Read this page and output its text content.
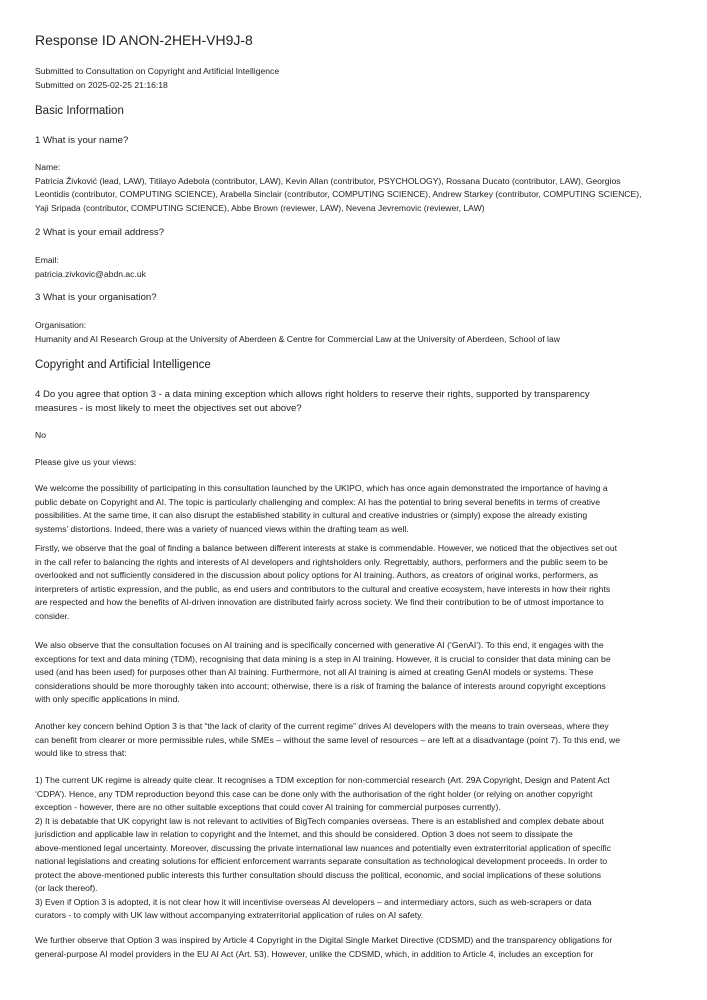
Response ID ANON-2HEH-VH9J-8
Submitted to Consultation on Copyright and Artificial Intelligence
Submitted on 2025-02-25 21:16:18
Basic Information
1 What is your name?
Name:
Patricia Živković (lead, LAW), Titilayo Adebola (contributor, LAW), Kevin Allan (contributor, PSYCHOLOGY), Rossana Ducato (contributor, LAW), Georgios
Leontidis (contributor, COMPUTING SCIENCE), Arabella Sinclair (contributor, COMPUTING SCIENCE), Andrew Starkey (contributor, COMPUTING SCIENCE),
Yaji Sripada (contributor, COMPUTING SCIENCE), Abbe Brown (reviewer, LAW), Nevena Jevremovic (reviewer, LAW)
2 What is your email address?
Email:
patricia.zivkovic@abdn.ac.uk
3 What is your organisation?
Organisation:
Humanity and AI Research Group at the University of Aberdeen & Centre for Commercial Law at the University of Aberdeen, School of law
Copyright and Artificial Intelligence
4 Do you agree that option 3 - a data mining exception which allows right holders to reserve their rights, supported by transparency
measures - is most likely to meet the objectives set out above?
No
Please give us your views:
We welcome the possibility of participating in this consultation launched by the UKIPO, which has once again demonstrated the importance of having a
public debate on Copyright and AI. The topic is particularly challenging and complex: AI has the potential to bring several benefits in terms of creative
possibilities. At the same time, it can also disrupt the established stability in cultural and creative industries or (simply) expose the already existing
systems’ distortions. Indeed, there was a variety of nuanced views within the drafting team as well.
Firstly, we observe that the goal of finding a balance between different interests at stake is commendable. However, we noticed that the objectives set out
in the call refer to balancing the rights and interests of AI developers and rightsholders only. Regrettably, authors, performers and the public seem to be
overlooked and not sufficiently considered in the discussion about policy options for AI training. Authors, as creators of original works, performers, as
interpreters of artistic expression, and the public, as end users and contributors to the cultural and creative ecosystem, have interests in how their rights
are respected and how the benefits of AI-driven innovation are distributed fairly across society. We find their contribution to be of utmost importance to
consider.
We also observe that the consultation focuses on AI training and is specifically concerned with generative AI (‘GenAI’). To this end, it engages with the
exceptions for text and data mining (TDM), recognising that data mining is a step in AI training. However, it is crucial to consider that data mining can be
used (and has been used) for purposes other than AI training. Furthermore, not all AI training is aimed at creating GenAI models or systems. These
considerations should be more thoroughly taken into account; otherwise, there is a risk of framing the balance of interests around copyright exceptions
with only specific applications in mind.
Another key concern behind Option 3 is that “the lack of clarity of the current regime” drives AI developers with the means to train overseas, where they
can benefit from clearer or more permissible rules, while SMEs – without the same level of resources – are left at a disadvantage (point 7). To this end, we
would like to stress that:
1) The current UK regime is already quite clear. It recognises a TDM exception for non-commercial research (Art. 29A Copyright, Design and Patent Act
‘CDPA’). Hence, any TDM reproduction beyond this case can be done only with the authorisation of the right holder (or relying on another copyright
exception - however, there are no other suitable exceptions that could cover AI training for commercial purposes currently).
2) It is debatable that UK copyright law is not relevant to activities of BigTech companies overseas. There is an established and complex debate about
jurisdiction and applicable law in relation to copyright and the Internet, and this should be considered. Option 3 does not seem to dissipate the
above-mentioned legal uncertainty. Moreover, discussing the private international law nuances and potentially even extraterritorial application of specific
national legislations and creating solutions for efficient enforcement warrants separate consultation as technological development proceeds. In order to
protect the above-mentioned public interests this further consultation should discuss the political, economic, and social implications of these solutions
(or lack thereof).
3) Even if Option 3 is adopted, it is not clear how it will incentivise overseas AI developers – and intermediary actors, such as web-scrapers or data
curators - to comply with UK law without accompanying extraterritorial application of rules on AI safety.
We further observe that Option 3 was inspired by Article 4 Copyright in the Digital Single Market Directive (CDSMD) and the transparency obligations for
general-purpose AI model providers in the EU AI Act (Art. 53). However, unlike the CDSMD, which, in addition to Article 4, includes an exception for
